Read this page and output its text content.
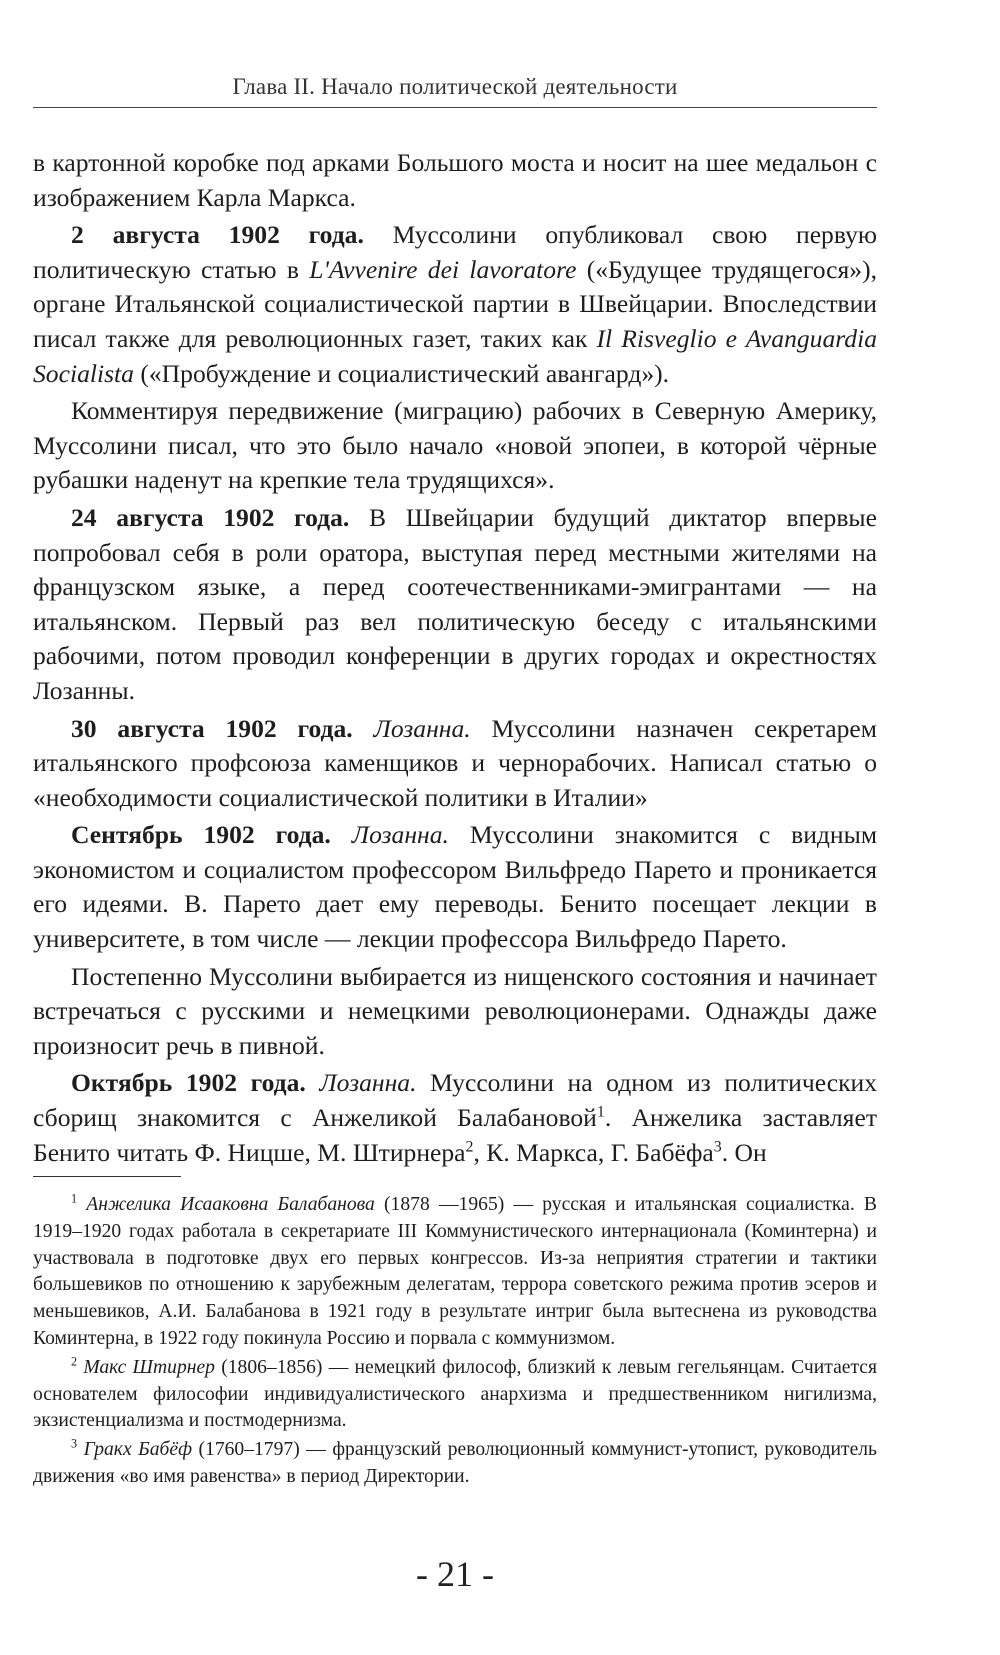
Глава II. Начало политической деятельности

в картонной коробке под арками Большого моста и носит на шее медальон с изображением Карла Маркса.

2 августа 1902 года. Муссолини опубликовал свою первую политическую статью в L'Avvenire dei lavoratore («Будущее трудящегося»), органе Итальянской социалистической партии в Швейцарии. Впоследствии писал также для революционных газет, таких как Il Risveglio e Avanguardia Socialista («Пробуждение и социалистический авангард»).

Комментируя передвижение (миграцию) рабочих в Северную Америку, Муссолини писал, что это было начало «новой эпопеи, в которой чёрные рубашки наденут на крепкие тела трудящихся».

24 августа 1902 года. В Швейцарии будущий диктатор впервые попробовал себя в роли оратора, выступая перед местными жителями на французском языке, а перед соотечественниками-эмигрантами — на итальянском. Первый раз вел политическую беседу с итальянскими рабочими, потом проводил конференции в других городах и окрестностях Лозанны.

30 августа 1902 года. Лозанна. Муссолини назначен секретарем итальянского профсоюза каменщиков и чернорабочих. Написал статью о «необходимости социалистической политики в Италии»

Сентябрь 1902 года. Лозанна. Муссолини знакомится с видным экономистом и социалистом профессором Вильфредо Парето и проникается его идеями. В. Парето дает ему переводы. Бенито посещает лекции в университете, в том числе — лекции профессора Вильфредо Парето.

Постепенно Муссолини выбирается из нищенского состояния и начинает встречаться с русскими и немецкими революционерами. Однажды даже произносит речь в пивной.

Октябрь 1902 года. Лозанна. Муссолини на одном из политических сборищ знакомится с Анжеликой Балабановой$^1$. Анжелика заставляет Бенито читать Ф. Ницше, М. Штирнера$^2$, К. Маркса, Г. Бабёфа$^3$. Он

$^1$ Анжелика Исааковна Балабанова (1878 —1965) — русская и итальянская социалистка. В 1919–1920 годах работала в секретариате III Коммунистического интернационала (Коминтерна) и участвовала в подготовке двух его первых конгрессов. Из-за неприятия стратегии и тактики большевиков по отношению к зарубежным делегатам, террора советского режима против эсеров и меньшевиков, А.И. Балабанова в 1921 году в результате интриг была вытеснена из руководства Коминтерна, в 1922 году покинула Россию и порвала с коммунизмом.

$^2$ Макс Штирнер (1806–1856) — немецкий философ, близкий к левым гегельянцам. Считается основателем философии индивидуалистического анархизма и предшественником нигилизма, экзистенциализма и постмодернизма.

$^3$ Гракх Бабёф (1760–1797) — французский революционный коммунист-утопист, руководитель движения «во имя равенства» в период Директории.

- 21 -
